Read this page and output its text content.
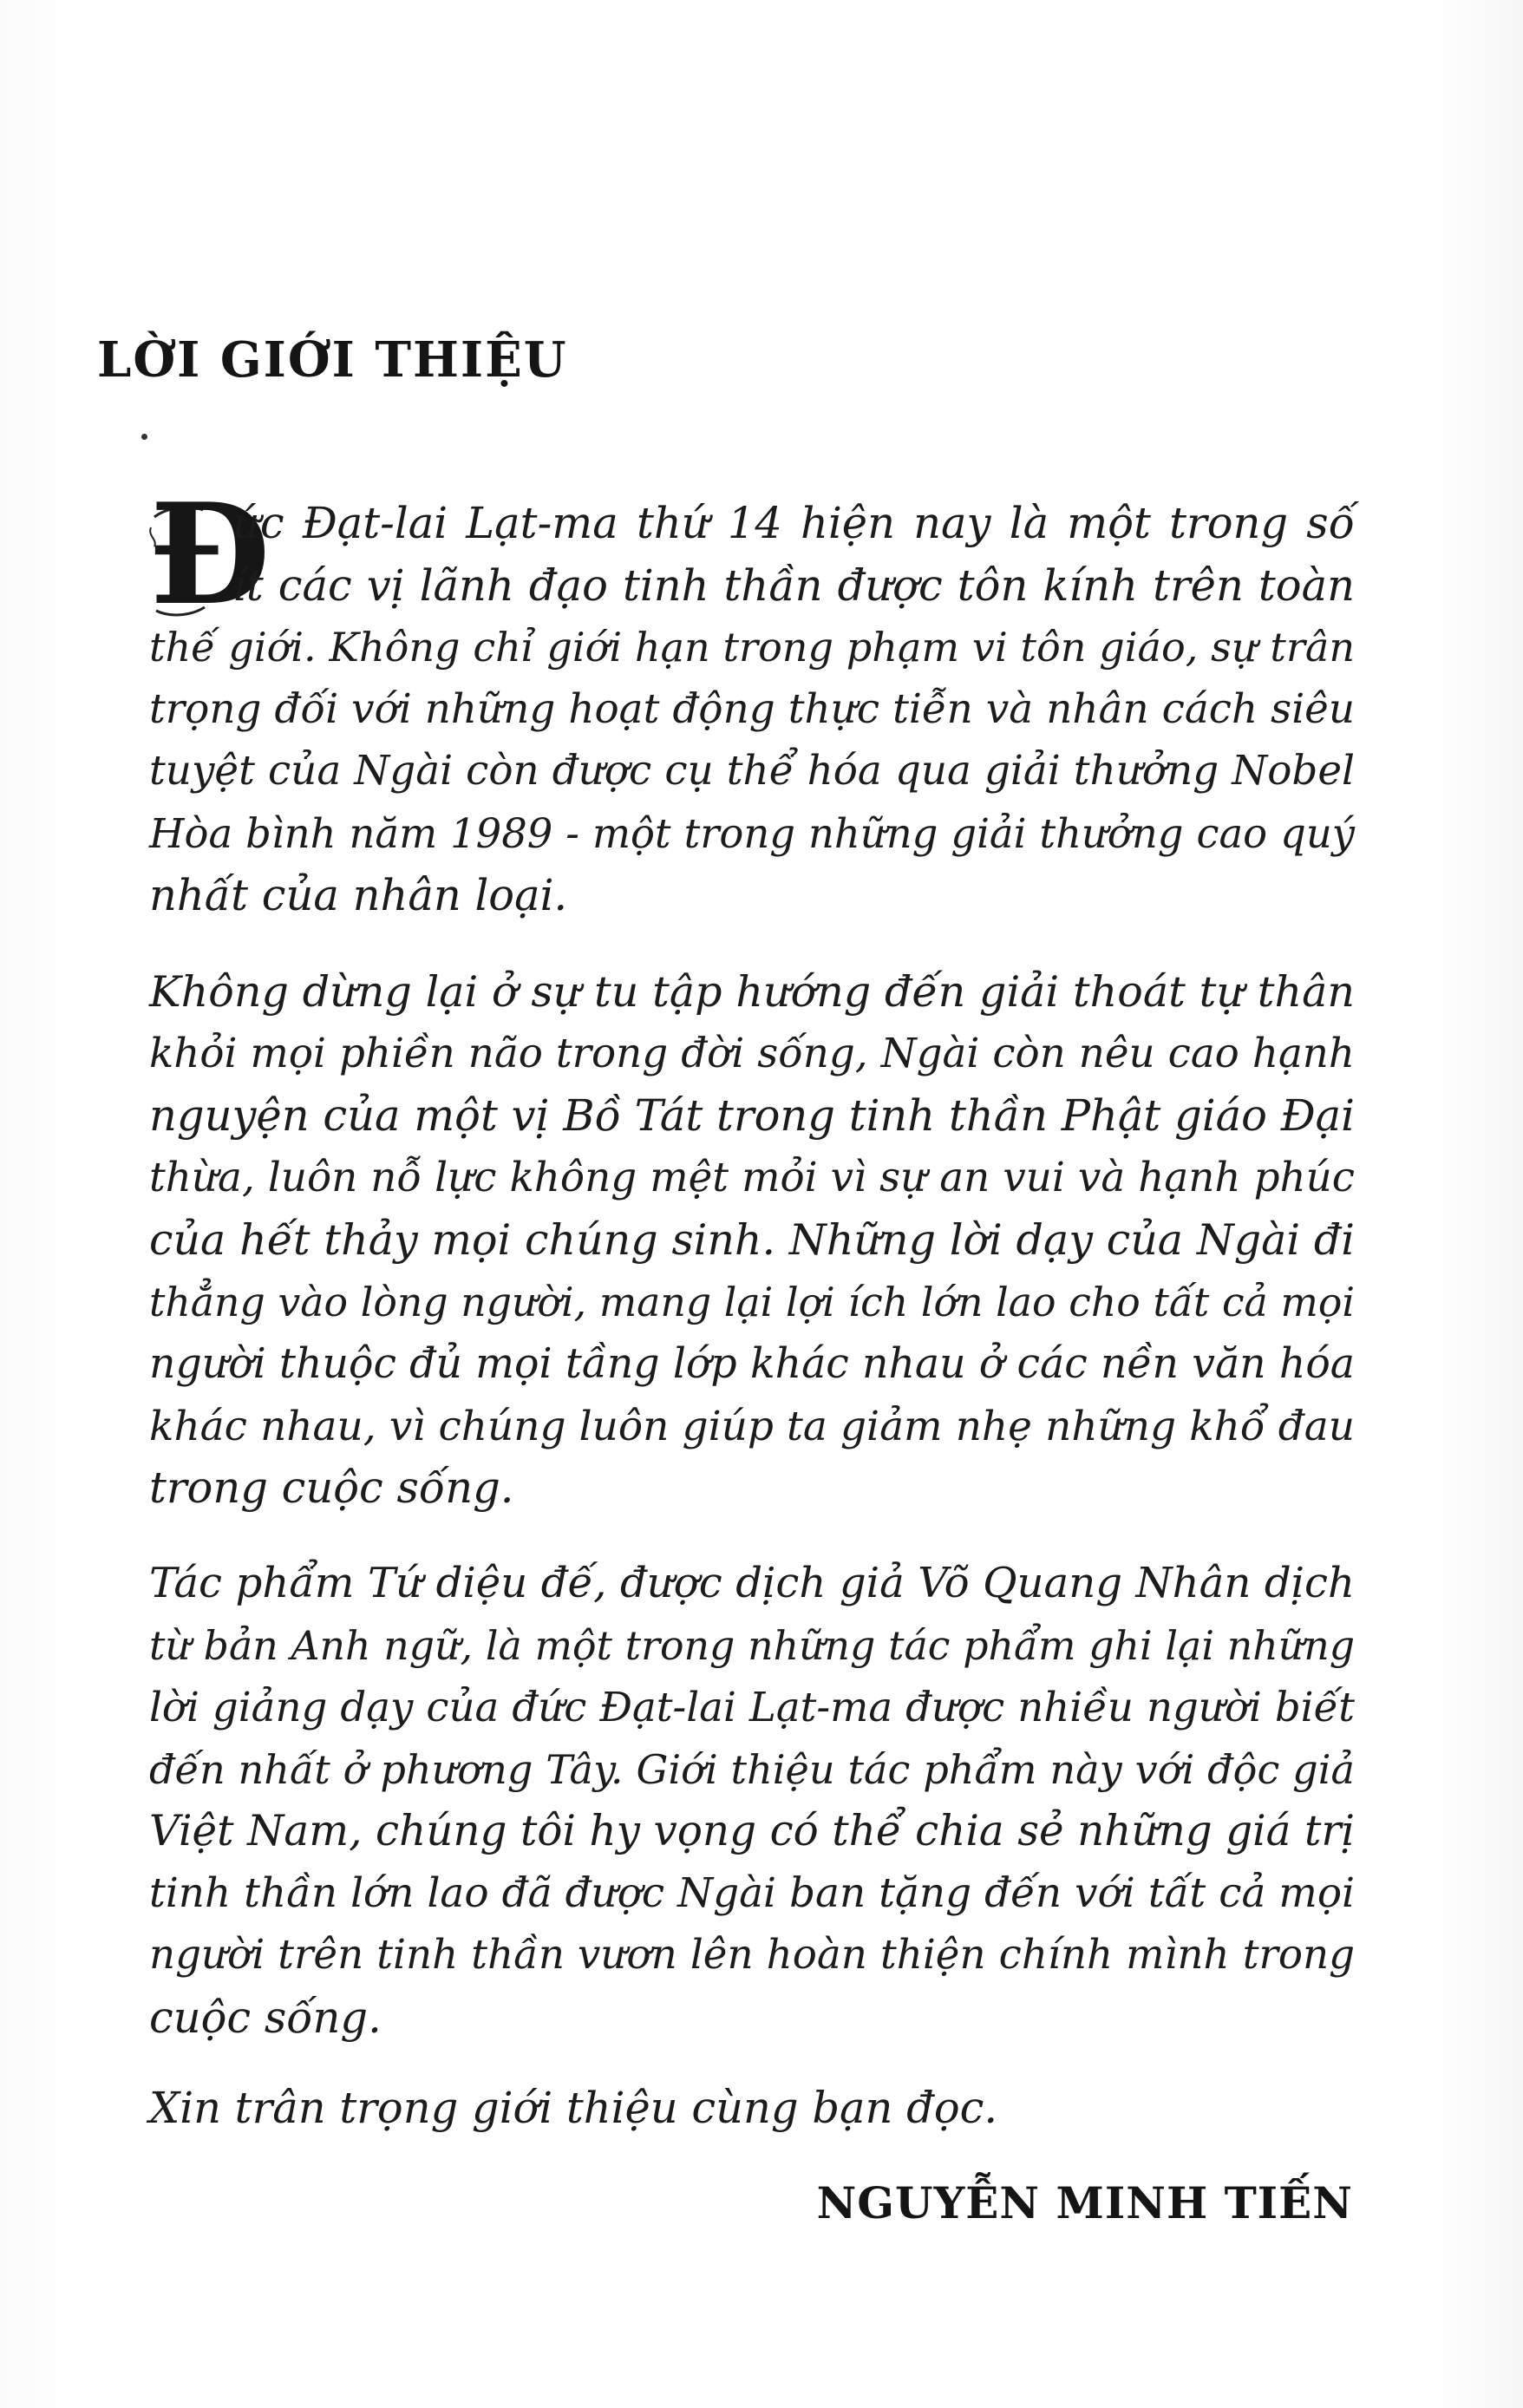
LỜI GIỚI THIỆU
Đ
ức Đạt-lai Lạt-ma thứ 14 hiện nay là một trong số
ít các vị lãnh đạo tinh thần được tôn kính trên toàn
thế giới. Không chỉ giới hạn trong phạm vi tôn giáo, sự trân
trọng đối với những hoạt động thực tiễn và nhân cách siêu
tuyệt của Ngài còn được cụ thể hóa qua giải thưởng Nobel
Hòa bình năm 1989 - một trong những giải thưởng cao quý
nhất của nhân loại.
Không dừng lại ở sự tu tập hướng đến giải thoát tự thân
khỏi mọi phiền não trong đời sống, Ngài còn nêu cao hạnh
nguyện của một vị Bồ Tát trong tinh thần Phật giáo Đại
thừa, luôn nỗ lực không mệt mỏi vì sự an vui và hạnh phúc
của hết thảy mọi chúng sinh. Những lời dạy của Ngài đi
thẳng vào lòng người, mang lại lợi ích lớn lao cho tất cả mọi
người thuộc đủ mọi tầng lớp khác nhau ở các nền văn hóa
khác nhau, vì chúng luôn giúp ta giảm nhẹ những khổ đau
trong cuộc sống.
Tác phẩm Tứ diệu đế, được dịch giả Võ Quang Nhân dịch
từ bản Anh ngữ, là một trong những tác phẩm ghi lại những
lời giảng dạy của đức Đạt-lai Lạt-ma được nhiều người biết
đến nhất ở phương Tây. Giới thiệu tác phẩm này với độc giả
Việt Nam, chúng tôi hy vọng có thể chia sẻ những giá trị
tinh thần lớn lao đã được Ngài ban tặng đến với tất cả mọi
người trên tinh thần vươn lên hoàn thiện chính mình trong
cuộc sống.
Xin trân trọng giới thiệu cùng bạn đọc.
NGUYỄN MINH TIẾN
